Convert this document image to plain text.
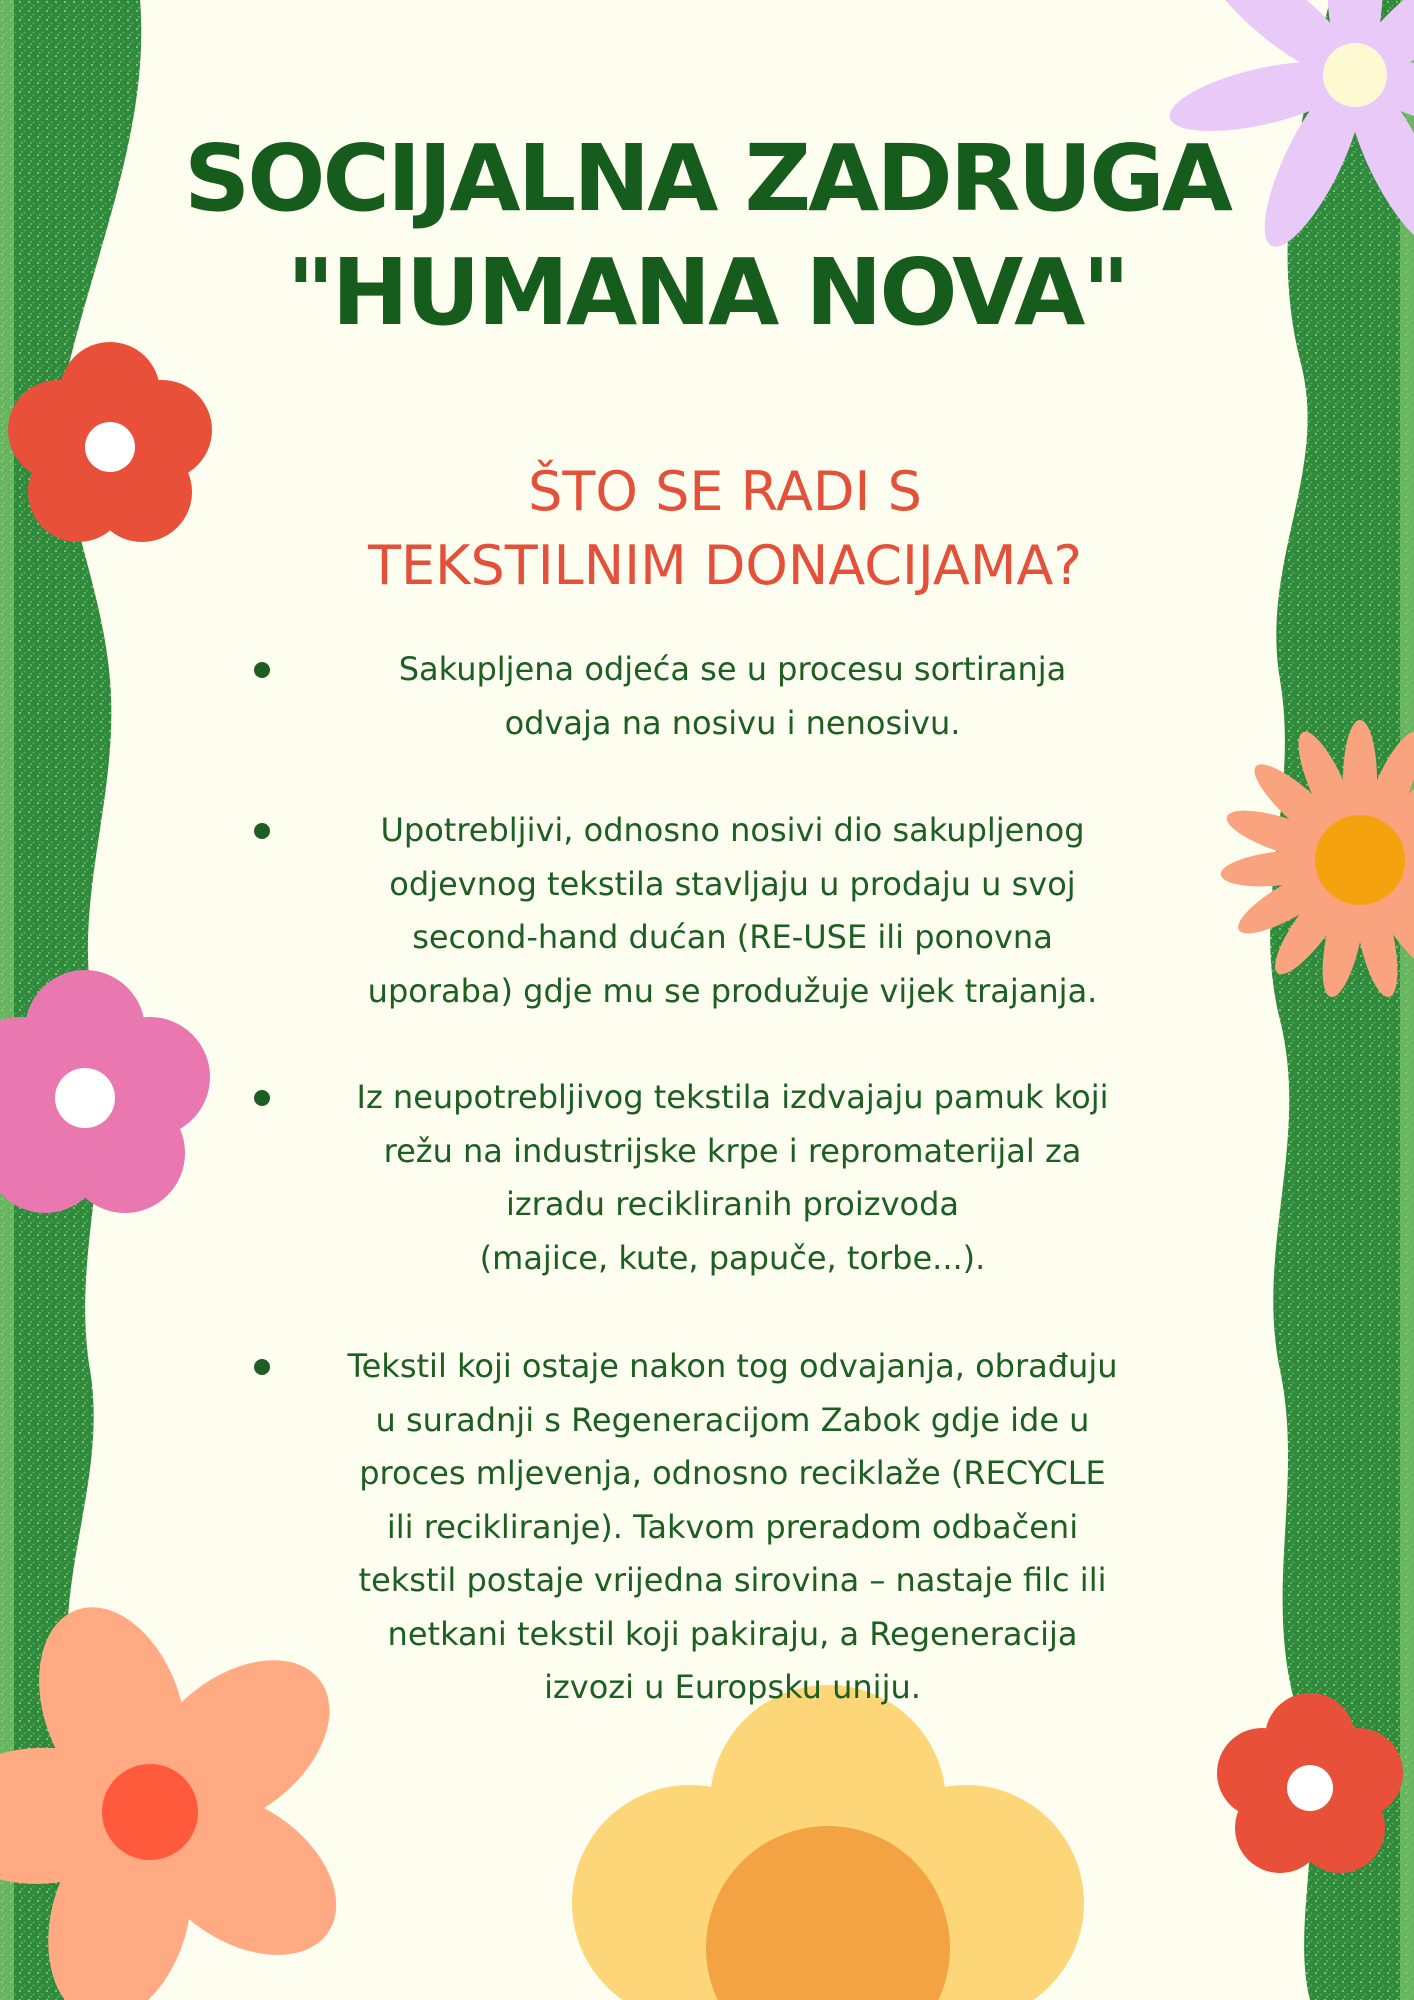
SOCIJALNA ZADRUGA
"HUMANA NOVA"
ŠTO SE RADI S
TEKSTILNIM DONACIJAMA?
Sakupljena odjeća se u procesu sortiranja
odvaja na nosivu i nenosivu.
Upotrebljivi, odnosno nosivi dio sakupljenog
odjevnog tekstila stavljaju u prodaju u svoj
second-hand dućan (RE-USE ili ponovna
uporaba) gdje mu se produžuje vijek trajanja.
Iz neupotrebljivog tekstila izdvajaju pamuk koji
režu na industrijske krpe i repromaterijal za
izradu recikliranih proizvoda
(majice, kute, papuče, torbe...).
Tekstil koji ostaje nakon tog odvajanja, obrađuju
u suradnji s Regeneracijom Zabok gdje ide u
proces mljevenja, odnosno reciklaže (RECYCLE
ili recikliranje). Takvom preradom odbačeni
tekstil postaje vrijedna sirovina – nastaje filc ili
netkani tekstil koji pakiraju, a Regeneracija
izvozi u Europsku uniju.
